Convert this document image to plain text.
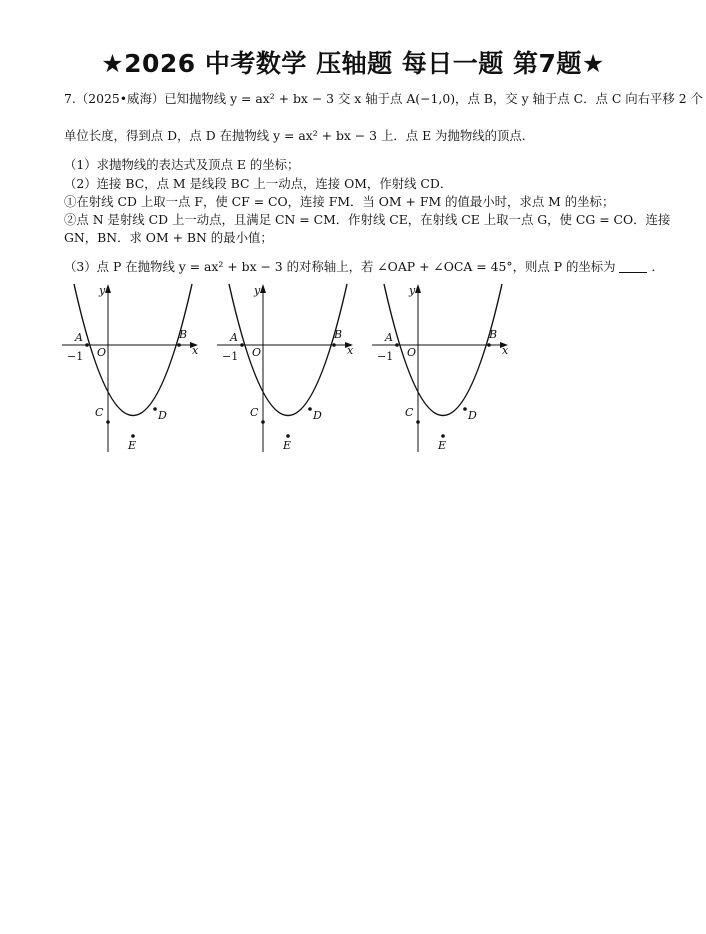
★2026 中考数学 压轴题 每日一题 第7题★
7.（2025•威海）已知抛物线 y = ax² + bx − 3 交 x 轴于点 A(−1,0)，点 B，交 y 轴于点 C．点 C 向右平移 2 个
单位长度，得到点 D，点 D 在抛物线 y = ax² + bx − 3 上．点 E 为抛物线的顶点．
（1）求抛物线的表达式及顶点 E 的坐标；
（2）连接 BC，点 M 是线段 BC 上一动点，连接 OM，作射线 CD．
①在射线 CD 上取一点 F，使 CF = CO，连接 FM．当 OM + FM 的值最小时，求点 M 的坐标；
②点 N 是射线 CD 上一动点，且满足 CN = CM．作射线 CE，在射线 CE 上取一点 G，使 CG = CO．连接
GN，BN．求 OM + BN 的最小值；
（3）点 P 在抛物线 y = ax² + bx − 3 的对称轴上，若 ∠OAP + ∠OCA = 45°，则点 P 的坐标为	．
y
x
A	B
C	D
E
O
−1
y
x
A	B
C	D
E
O
−1
y
x
A	B
C	D
E
O
−1
